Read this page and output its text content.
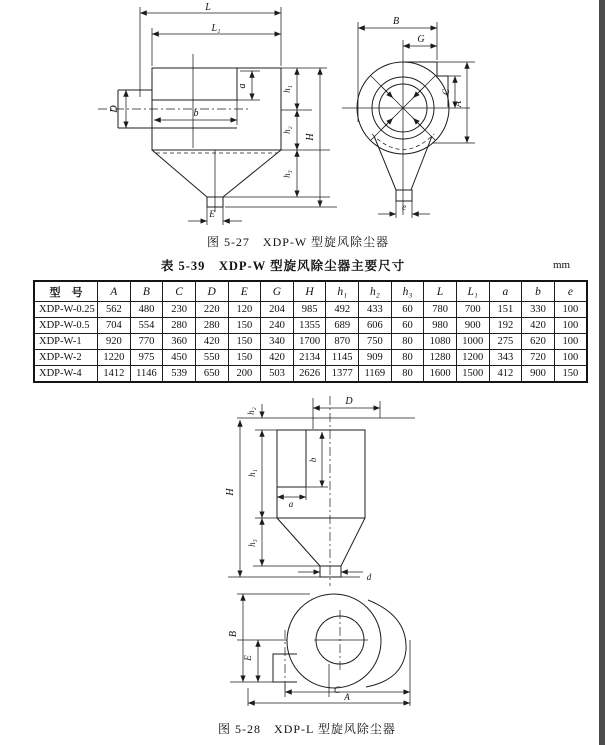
L
L₁
D
a
b
E
h₁
h₂
h₃
H
B
G
C
A
e
图 5-27　XDP-W 型旋风除尘器
表 5-39　XDP-W 型旋风除尘器主要尺寸	mm
型　号	A	B	C	D	E	G	H	h₁	h₂	h₃	L	L₁	a	b	e
XDP-W-0.25	562	480	230	220	120	204	985	492	433	60	780	700	151	330	100
XDP-W-0.5	704	554	280	280	150	240	1355	689	606	60	980	900	192	420	100
XDP-W-1	920	770	360	420	150	340	1700	870	750	80	1080	1000	275	620	100
XDP-W-2	1220	975	450	550	150	420	2134	1145	909	80	1280	1200	343	720	100
XDP-W-4	1412	1146	539	650	200	503	2626	1377	1169	80	1600	1500	412	900	150
D
h₂
b
a
H
h₁
h₃
d
C
B
E
A
图 5-28　XDP-L 型旋风除尘器
